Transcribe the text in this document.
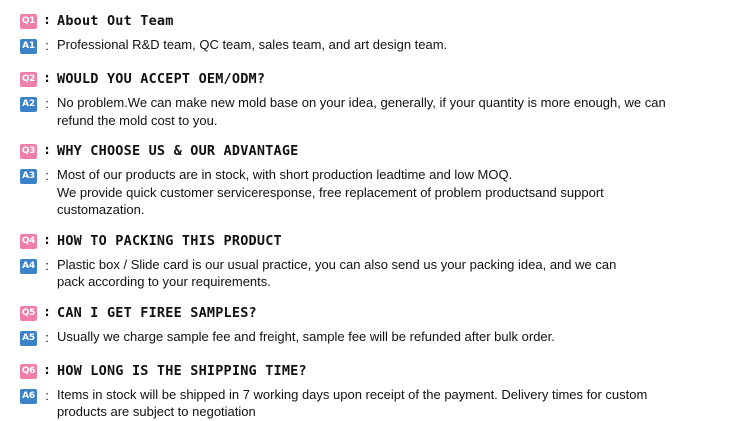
Q1 : About Out Team
A1 : Professional R&D team, QC team, sales team, and art design team.
Q2 : WOULD YOU ACCEPT OEM/ODM?
A2 : No problem.We can make new mold base on your idea, generally, if your quantity is more enough, we can
refund the mold cost to you.
Q3 : WHY CHOOSE US & OUR ADVANTAGE
A3 : Most of our products are in stock, with short production leadtime and low MOQ.
We provide quick customer serviceresponse, free replacement of problem productsand support
customazation.
Q4 : HOW TO PACKING THIS PRODUCT
A4 : Plastic box / Slide card is our usual practice, you can also send us your packing idea, and we can
pack according to your requirements.
Q5 : CAN I GET FIREE SAMPLES?
A5 : Usually we charge sample fee and freight, sample fee will be refunded after bulk order.
Q6 : HOW LONG IS THE SHIPPING TIME?
A6 : Items in stock will be shipped in 7 working days upon receipt of the payment. Delivery times for custom
products are subject to negotiation
